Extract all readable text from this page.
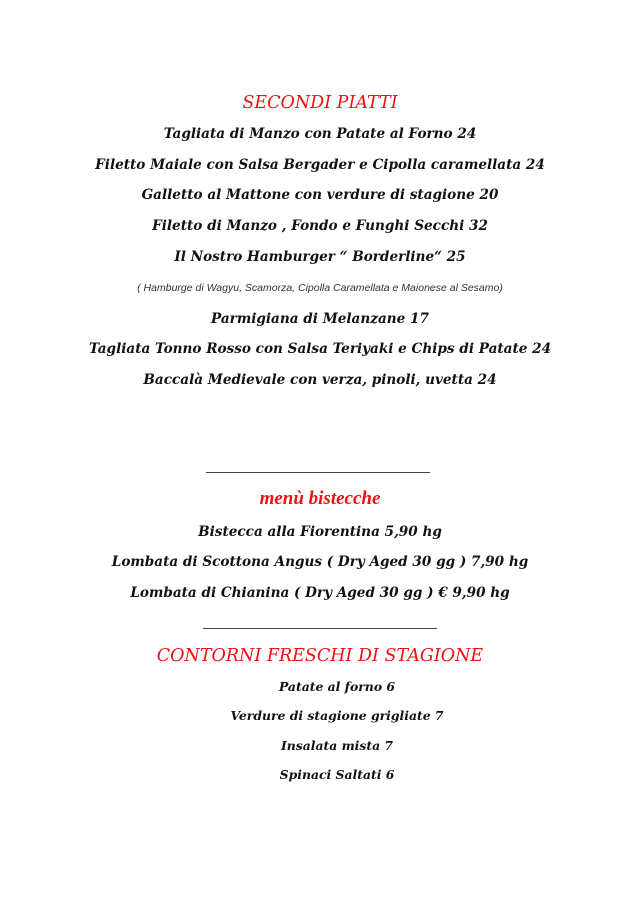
SECONDI PIATTI
Tagliata di Manzo con Patate al Forno 24
Filetto Maiale con Salsa Bergader e Cipolla caramellata 24
Galletto al Mattone con verdure di stagione 20
Filetto di Manzo , Fondo e Funghi Secchi 32
Il Nostro Hamburger “ Borderline“ 25
( Hamburge di Wagyu, Scamorza, Cipolla Caramellata e Maionese al Sesamo)
Parmigiana di Melanzane 17
Tagliata Tonno Rosso con Salsa Teriyaki e Chips di Patate 24
Baccalà Medievale con verza, pinoli, uvetta 24
menù bistecche
Bistecca alla Fiorentina 5,90 hg
Lombata di Scottona Angus ( Dry Aged 30 gg ) 7,90 hg
Lombata di Chianina ( Dry Aged 30 gg ) € 9,90 hg
CONTORNI FRESCHI DI STAGIONE
Patate al forno 6
Verdure di stagione grigliate 7
Insalata mista 7
Spinaci Saltati 6
